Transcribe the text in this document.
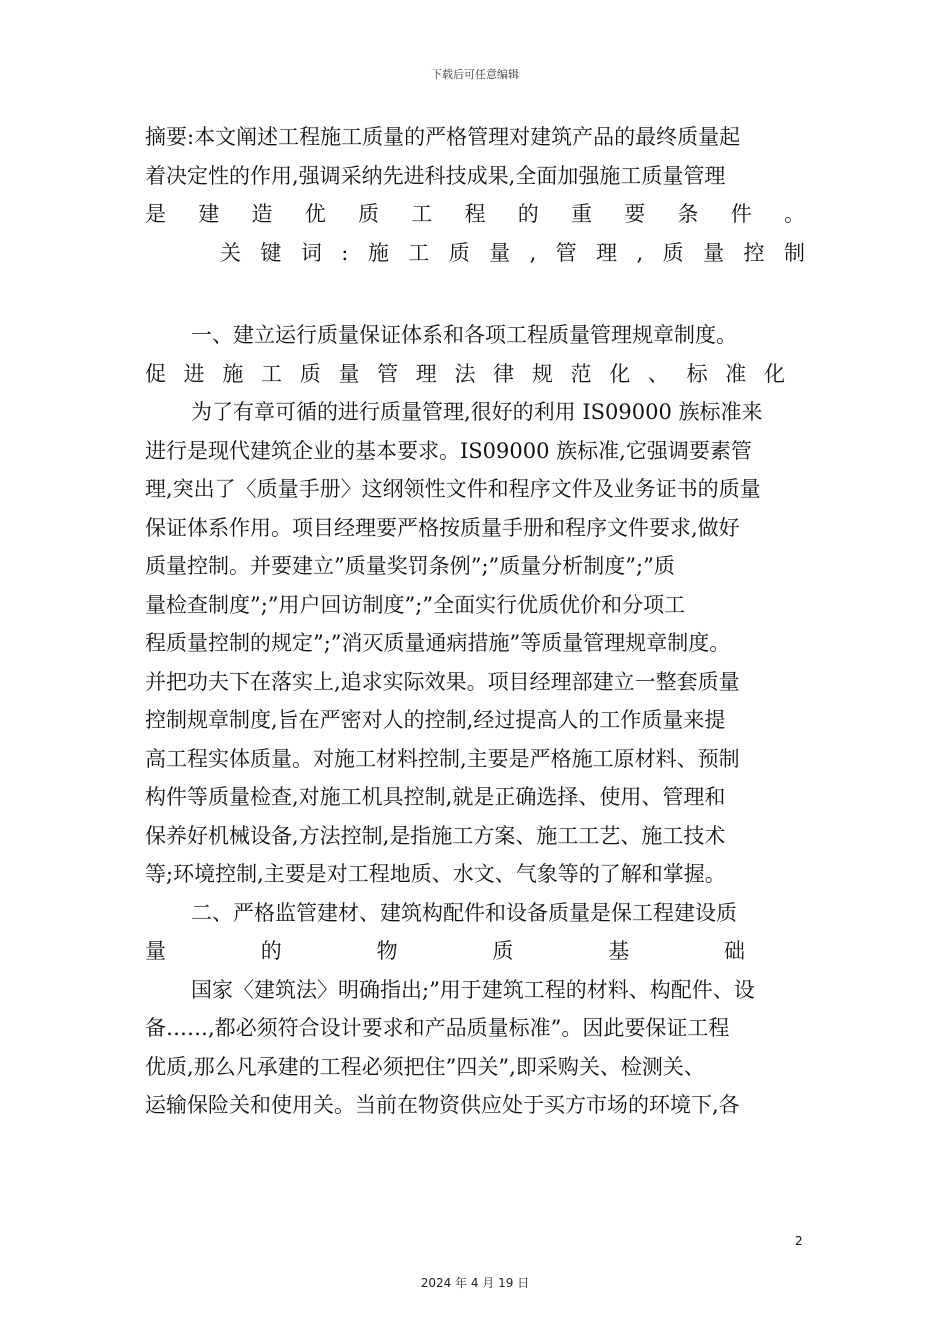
下载后可任意编辑
摘要:本文阐述工程施工质量的严格管理对建筑产品的最终质量起
着决定性的作用,强调采纳先进科技成果,全面加强施工质量管理
是建造优质工程的重要条件。
关键词:施工质量,管理,质量控制
一、建立运行质量保证体系和各项工程质量管理规章制度。
促进施工质量管理法律规范化、标准化
为了有章可循的进行质量管理,很好的利用 IS09000 族标准来
进行是现代建筑企业的基本要求。IS09000 族标准,它强调要素管
理,突出了〈质量手册〉这纲领性文件和程序文件及业务证书的质量
保证体系作用。项目经理要严格按质量手册和程序文件要求,做好
质量控制。并要建立”质量奖罚条例”;”质量分析制度”;”质
量检查制度”;”用户回访制度”;”全面实行优质优价和分项工
程质量控制的规定”;”消灭质量通病措施”等质量管理规章制度。
并把功夫下在落实上,追求实际效果。项目经理部建立一整套质量
控制规章制度,旨在严密对人的控制,经过提高人的工作质量来提
高工程实体质量。对施工材料控制,主要是严格施工原材料、预制
构件等质量检查,对施工机具控制,就是正确选择、使用、管理和
保养好机械设备,方法控制,是指施工方案、施工工艺、施工技术
等;环境控制,主要是对工程地质、水文、气象等的了解和掌握。
二、严格监管建材、建筑构配件和设备质量是保工程建设质
量的物质基础
国家〈建筑法〉明确指出;”用于建筑工程的材料、构配件、设
备……,都必须符合设计要求和产品质量标准”。因此要保证工程
优质,那么凡承建的工程必须把住”四关”,即采购关、检测关、
运输保险关和使用关。当前在物资供应处于买方市场的环境下,各
2
2024 年 4 月 19 日
